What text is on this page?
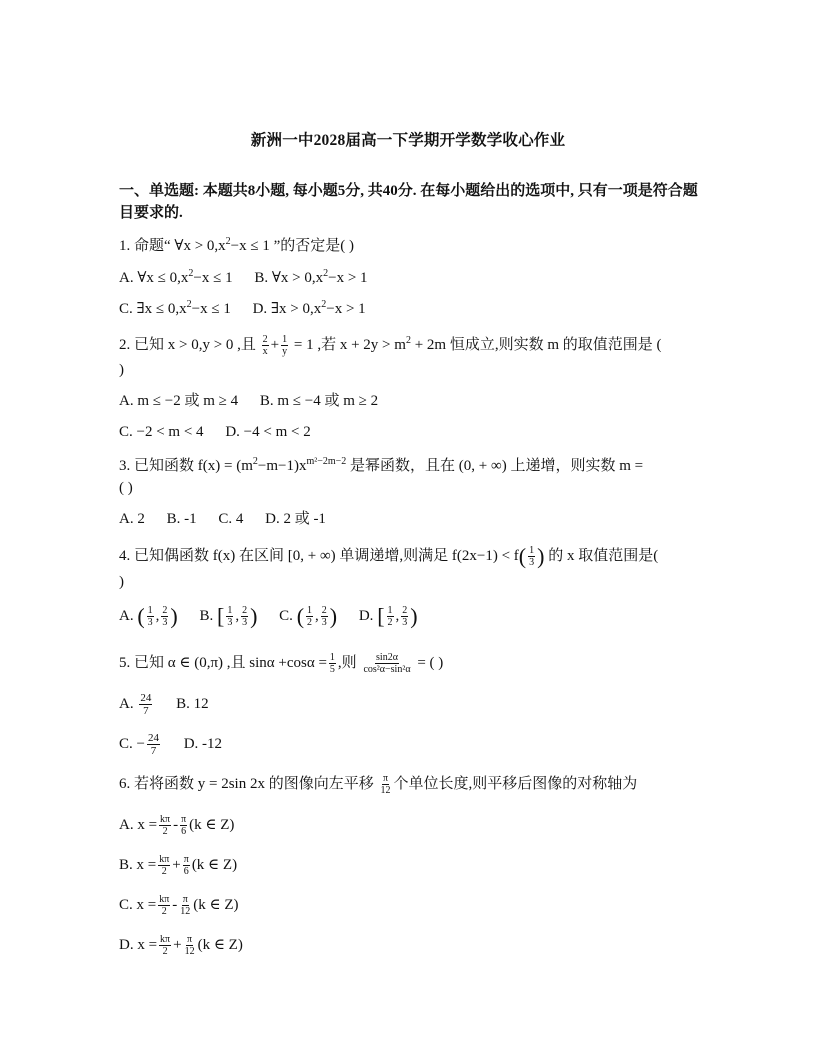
新洲一中2028届高一下学期开学数学收心作业
一、单选题: 本题共8小题, 每小题5分, 共40分. 在每小题给出的选项中, 只有一项是符合题目要求的.
1. 命题“ ∀x > $0,x^2-x \le 1$ ”的否定是( )
A. ∀x ≤ $0,x^2-x \le 1$ B. ∀x > $0,x^2-x > 1$
C. ∃x ≤ $0,x^2-x \le 1$ D. ∃x > $0,x^2-x > 1$
2. 已知 x > 0,y > 0 ,且 $\frac{2}{x} + \frac{1}{y} = 1$ ,若 $x + 2y > m^2 + 2m$ 恒成立,则实数 m 的取值范围是 (
)
A. m ≤ −2 或 m ≥ 4 B. m ≤ −4 或 m ≥ 2
C. −2 < m < 4 D. −4 < m < 2
3. 已知函数 $f(x) = (m^2-m-1)x^{m^2-2m-2}$ 是幂函数，且在 (0, + ∞) 上递增，则实数 m =
( )
A. 2 B. -1 C. 4 D. 2 或 -1
4. 已知偶函数 f(x) 在区间 [0, + ∞) 单调递增,则满足 $f(2x-1) < f( \frac{1}{3}$ ) 的 x 取值范围是(
)
A. ( $\frac{1}{3}$ , $\frac{2}{3}$ ) B. [ $\frac{1}{3}$ , $\frac{2}{3}$ ) C. ( $\frac{1}{2}$ , $\frac{2}{3}$ ) D. [ $\frac{1}{2}$ , $\frac{2}{3}$ )
5. 已知 α ∈ (0,π) ,且 $\sin\alpha +\cos\alpha = \frac{1}{5}$ ,则 $\frac{\sin 2\alpha}{\text{cos²α−sin²α}}$ = ( )
A. $\frac{24}{7} B$. 12
C. − $\frac{24}{7} D$. -12
6. 若将函数 y = 2sin 2x 的图像向左平移 $\frac{\pi}{12}$ 个单位长度,则平移后图像的对称轴为
A. $x = \frac{k\pi}{2} - \frac{\pi}{6} (k$ ∈ Z)
B. $x = \frac{k\pi}{2} + \frac{\pi}{6} (k$ ∈ Z)
C. $x = \frac{k\pi}{2} - \frac{\pi}{12} (k$ ∈ Z)
D. $x = \frac{k\pi}{2} + \frac{\pi}{12} (k$ ∈ Z)
